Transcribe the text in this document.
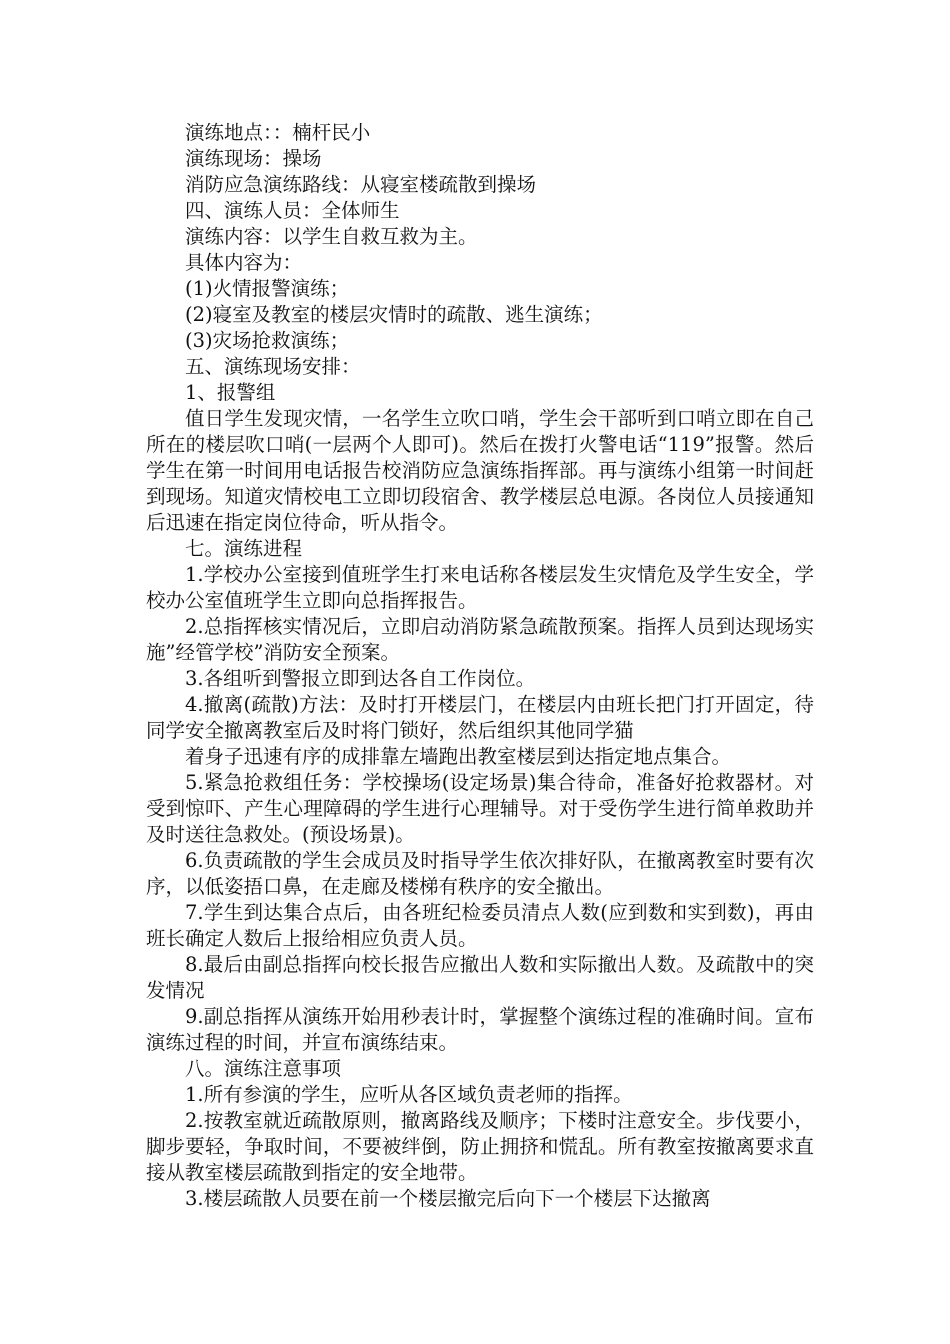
演练地点：：楠杆民小

演练现场：操场

消防应急演练路线：从寝室楼疏散到操场

四、演练人员：全体师生

演练内容：以学生自救互救为主。

具体内容为：

(1)火情报警演练；

(2)寝室及教室的楼层灾情时的疏散、逃生演练；

(3)灾场抢救演练；

五、演练现场安排：

1、报警组

值日学生发现灾情，一名学生立吹口哨，学生会干部听到口哨立即在自己所在的楼层吹口哨(一层两个人即可)。然后在拨打火警电话“119”报警。然后学生在第一时间用电话报告校消防应急演练指挥部。再与演练小组第一时间赶到现场。知道灾情校电工立即切段宿舍、教学楼层总电源。各岗位人员接通知后迅速在指定岗位待命，听从指令。

七。演练进程

1.学校办公室接到值班学生打来电话称各楼层发生灾情危及学生安全，学校办公室值班学生立即向总指挥报告。

2.总指挥核实情况后，立即启动消防紧急疏散预案。指挥人员到达现场实施”经管学校”消防安全预案。

3.各组听到警报立即到达各自工作岗位。

4.撤离(疏散)方法：及时打开楼层门，在楼层内由班长把门打开固定，待同学安全撤离教室后及时将门锁好，然后组织其他同学猫

着身子迅速有序的成排靠左墙跑出教室楼层到达指定地点集合。

5.紧急抢救组任务：学校操场(设定场景)集合待命，准备好抢救器材。对受到惊吓、产生心理障碍的学生进行心理辅导。对于受伤学生进行简单救助并及时送往急救处。(预设场景)。

6.负责疏散的学生会成员及时指导学生依次排好队，在撤离教室时要有次序，以低姿捂口鼻，在走廊及楼梯有秩序的安全撤出。

7.学生到达集合点后，由各班纪检委员清点人数(应到数和实到数)，再由班长确定人数后上报给相应负责人员。

8.最后由副总指挥向校长报告应撤出人数和实际撤出人数。及疏散中的突发情况

9.副总指挥从演练开始用秒表计时，掌握整个演练过程的准确时间。宣布演练过程的时间，并宣布演练结束。

八。演练注意事项

1.所有参演的学生，应听从各区域负责老师的指挥。

2.按教室就近疏散原则，撤离路线及顺序；下楼时注意安全。步伐要小，脚步要轻，争取时间，不要被绊倒，防止拥挤和慌乱。所有教室按撤离要求直接从教室楼层疏散到指定的安全地带。

3.楼层疏散人员要在前一个楼层撤完后向下一个楼层下达撤离
